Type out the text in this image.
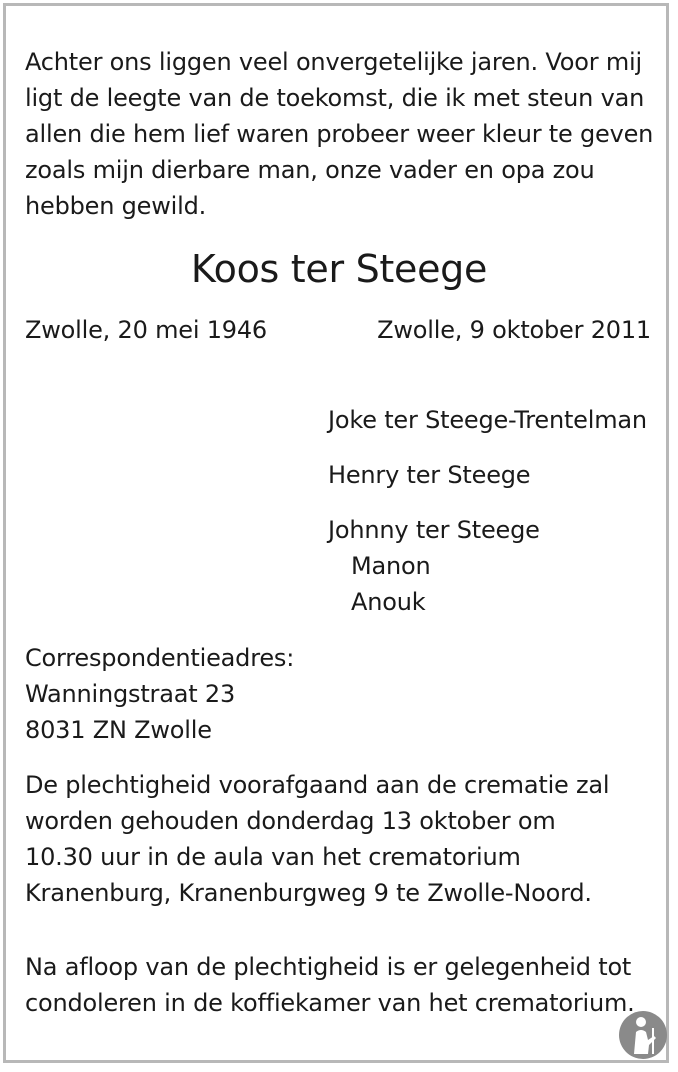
Achter ons liggen veel onvergetelijke jaren. Voor mij
ligt de leegte van de toekomst, die ik met steun van
allen die hem lief waren probeer weer kleur te geven
zoals mijn dierbare man, onze vader en opa zou
hebben gewild.
Koos ter Steege
Zwolle, 20 mei 1946	Zwolle, 9 oktober 2011
Joke ter Steege-Trentelman
Henry ter Steege
Johnny ter Steege
Manon
Anouk
Correspondentieadres:
Wanningstraat 23
8031 ZN Zwolle
De plechtigheid voorafgaand aan de crematie zal
worden gehouden donderdag 13 oktober om
10.30 uur in de aula van het crematorium
Kranenburg, Kranenburgweg 9 te Zwolle-Noord.
Na afloop van de plechtigheid is er gelegenheid tot
condoleren in de koffiekamer van het crematorium.
